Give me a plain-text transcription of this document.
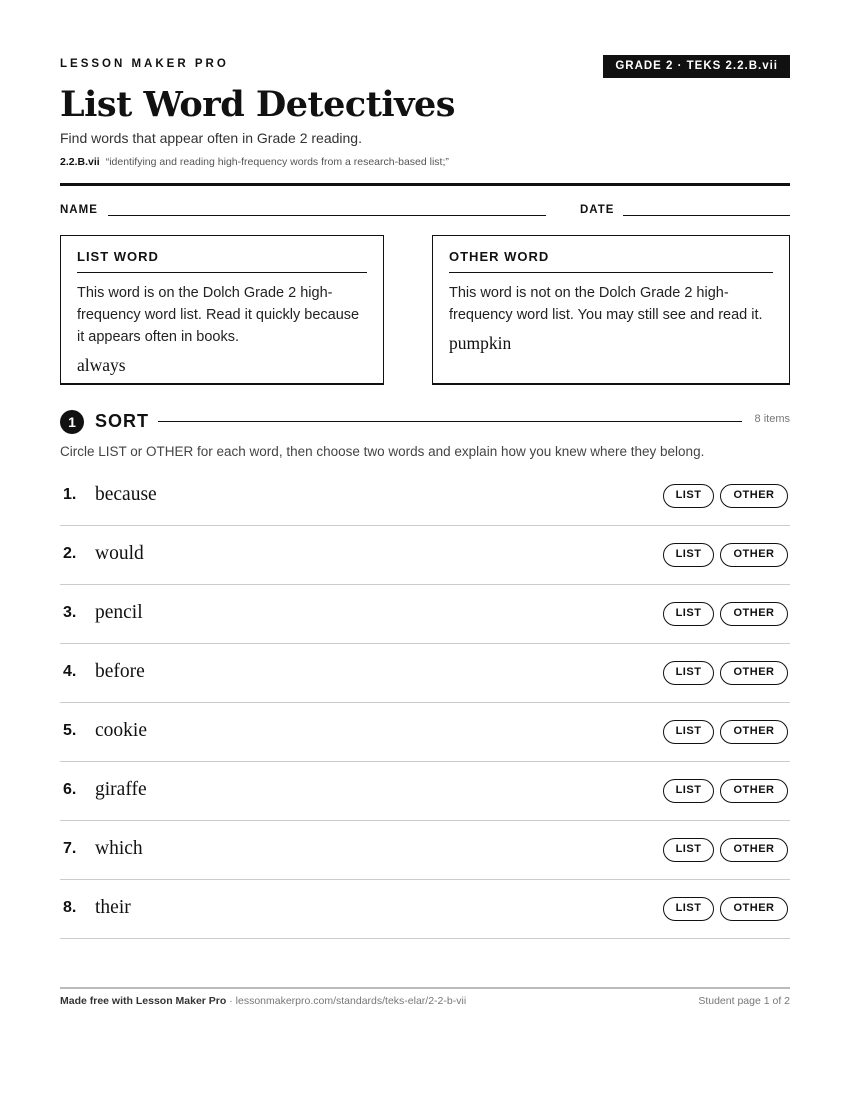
LESSON MAKER PRO	GRADE 2 · TEKS 2.2.B.vii
List Word Detectives
Find words that appear often in Grade 2 reading.
2.2.B.vii “identifying and reading high-frequency words from a research-based list;”
NAME	DATE
LIST WORD
This word is on the Dolch Grade 2 high-frequency word list. Read it quickly because it appears often in books.
always
OTHER WORD
This word is not on the Dolch Grade 2 high-frequency word list. You may still see and read it.
pumpkin
1	SORT	8 items
Circle LIST or OTHER for each word, then choose two words and explain how you knew where they belong.
1. because	LIST	OTHER
2. would	LIST	OTHER
3. pencil	LIST	OTHER
4. before	LIST	OTHER
5. cookie	LIST	OTHER
6. giraffe	LIST	OTHER
7. which	LIST	OTHER
8. their	LIST	OTHER
Made free with Lesson Maker Pro · lessonmakerpro.com/standards/teks-elar/2-2-b-vii	Student page 1 of 2
